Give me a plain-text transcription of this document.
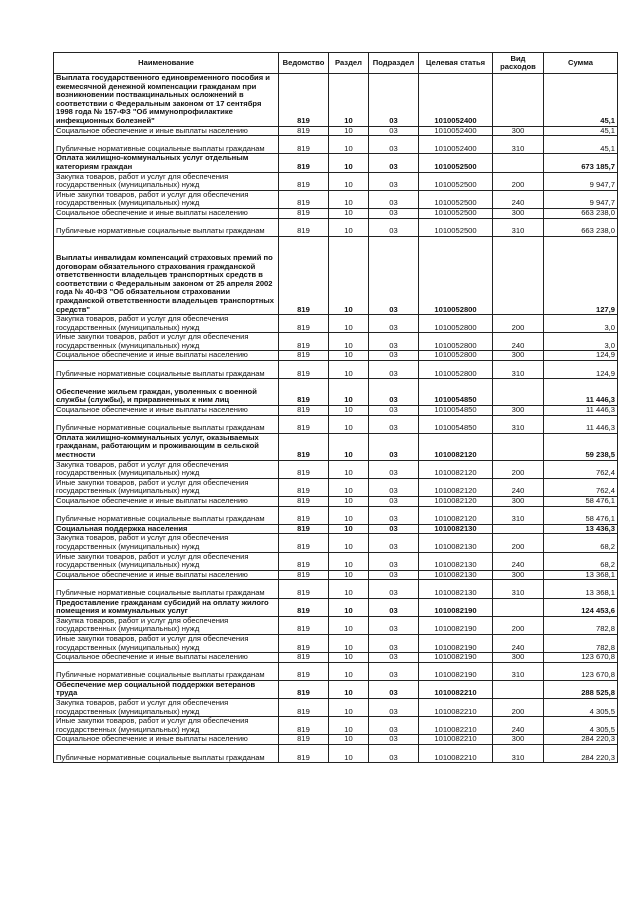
Наименование	Ведомство	Раздел	Подраздел	Целевая статья	Вид расходов	Сумма
Выплата государственного единовременного пособия и ежемесячной денежной компенсации гражданам при возникновении поствакцинальных осложнений в соответствии с Федеральным законом от 17 сентября 1998 года № 157-ФЗ "Об иммунопрофилактике инфекционных болезней"	819	10	03	1010052400		45,1
Социальное обеспечение и иные выплаты населению	819	10	03	1010052400	300	45,1
Публичные нормативные социальные выплаты гражданам	819	10	03	1010052400	310	45,1
Оплата жилищно-коммунальных услуг отдельным категориям граждан	819	10	03	1010052500		673 185,7
Закупка товаров, работ и услуг для обеспечения государственных (муниципальных) нужд	819	10	03	1010052500	200	9 947,7
Иные закупки товаров, работ и услуг для обеспечения государственных (муниципальных) нужд	819	10	03	1010052500	240	9 947,7
Социальное обеспечение и иные выплаты населению	819	10	03	1010052500	300	663 238,0
Публичные нормативные социальные выплаты гражданам	819	10	03	1010052500	310	663 238,0
Выплаты инвалидам компенсаций страховых премий по договорам обязательного страхования гражданской ответственности владельцев транспортных средств в соответствии с Федеральным законом от 25 апреля 2002 года № 40-ФЗ "Об обязательном страховании гражданской ответственности владельцев транспортных средств"	819	10	03	1010052800		127,9
Закупка товаров, работ и услуг для обеспечения государственных (муниципальных) нужд	819	10	03	1010052800	200	3,0
Иные закупки товаров, работ и услуг для обеспечения государственных (муниципальных) нужд	819	10	03	1010052800	240	3,0
Социальное обеспечение и иные выплаты населению	819	10	03	1010052800	300	124,9
Публичные нормативные социальные выплаты гражданам	819	10	03	1010052800	310	124,9
Обеспечение жильем граждан, уволенных с военной службы (службы), и приравненных к ним лиц	819	10	03	1010054850		11 446,3
Социальное обеспечение и иные выплаты населению	819	10	03	1010054850	300	11 446,3
Публичные нормативные социальные выплаты гражданам	819	10	03	1010054850	310	11 446,3
Оплата жилищно-коммунальных услуг, оказываемых гражданам, работающим и проживающим в сельской местности	819	10	03	1010082120		59 238,5
Закупка товаров, работ и услуг для обеспечения государственных (муниципальных) нужд	819	10	03	1010082120	200	762,4
Иные закупки товаров, работ и услуг для обеспечения государственных (муниципальных) нужд	819	10	03	1010082120	240	762,4
Социальное обеспечение и иные выплаты населению	819	10	03	1010082120	300	58 476,1
Публичные нормативные социальные выплаты гражданам	819	10	03	1010082120	310	58 476,1
Социальная поддержка населения	819	10	03	1010082130		13 436,3
Закупка товаров, работ и услуг для обеспечения государственных (муниципальных) нужд	819	10	03	1010082130	200	68,2
Иные закупки товаров, работ и услуг для обеспечения государственных (муниципальных) нужд	819	10	03	1010082130	240	68,2
Социальное обеспечение и иные выплаты населению	819	10	03	1010082130	300	13 368,1
Публичные нормативные социальные выплаты гражданам	819	10	03	1010082130	310	13 368,1
Предоставление гражданам субсидий на оплату жилого помещения и коммунальных услуг	819	10	03	1010082190		124 453,6
Закупка товаров, работ и услуг для обеспечения государственных (муниципальных) нужд	819	10	03	1010082190	200	782,8
Иные закупки товаров, работ и услуг для обеспечения государственных (муниципальных) нужд	819	10	03	1010082190	240	782,8
Социальное обеспечение и иные выплаты населению	819	10	03	1010082190	300	123 670,8
Публичные нормативные социальные выплаты гражданам	819	10	03	1010082190	310	123 670,8
Обеспечение мер социальной поддержки ветеранов труда	819	10	03	1010082210		288 525,8
Закупка товаров, работ и услуг для обеспечения государственных (муниципальных) нужд	819	10	03	1010082210	200	4 305,5
Иные закупки товаров, работ и услуг для обеспечения государственных (муниципальных) нужд	819	10	03	1010082210	240	4 305,5
Социальное обеспечение и иные выплаты населению	819	10	03	1010082210	300	284 220,3
Публичные нормативные социальные выплаты гражданам	819	10	03	1010082210	310	284 220,3
